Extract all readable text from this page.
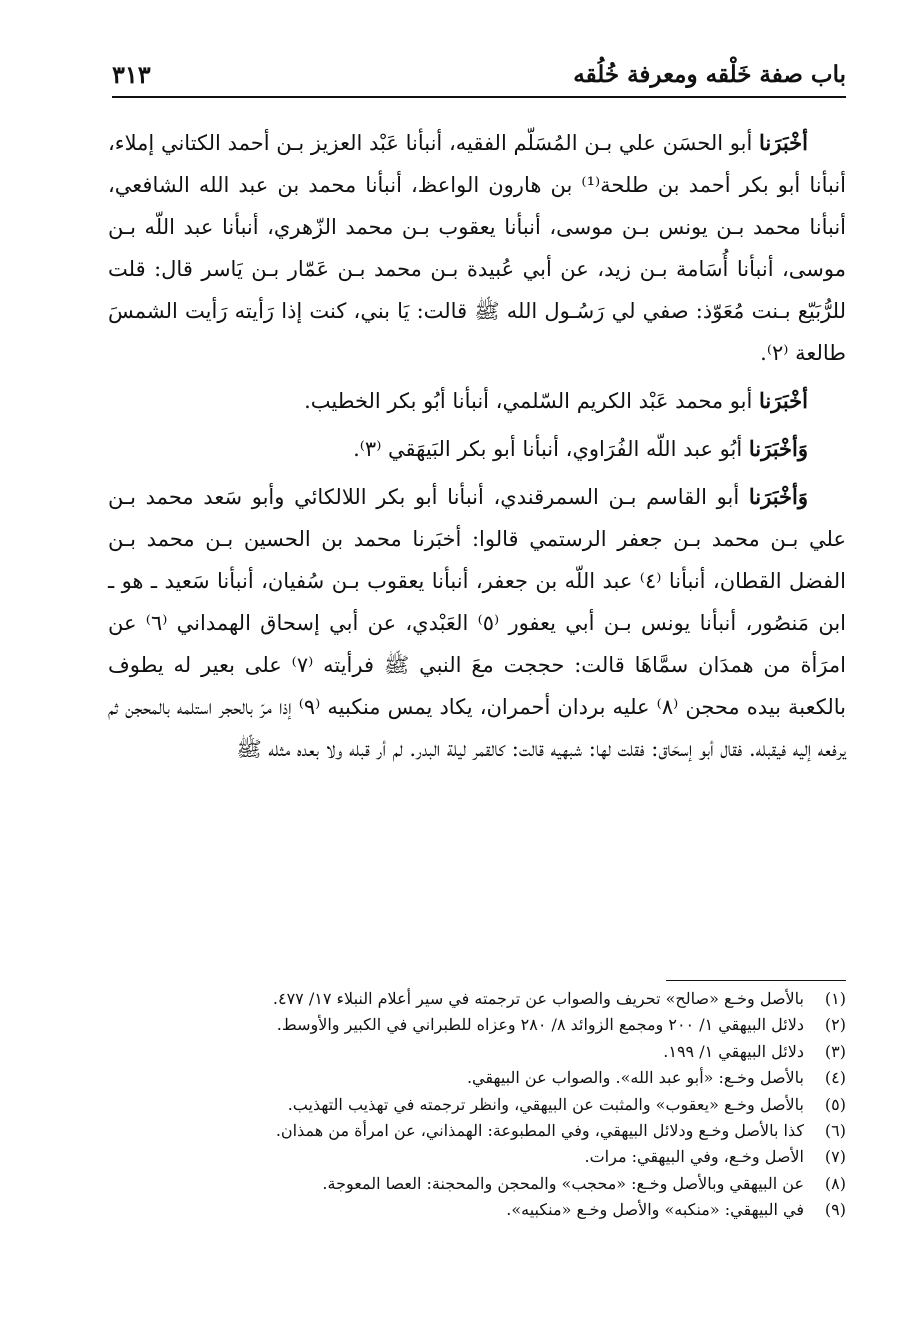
باب صفة خَلْقه ومعرفة خُلُقه
٣١٣

أخْبَرَنا أبو الحسَن علي بـن المُسَلّم الفقيه، أنبأنا عَبْد العزيز بـن أحمد الكتاني إملاء، أنبأنا أبو بكر أحمد بن طلحة⁽¹⁾ بن هارون الواعظ، أنبأنا محمد بن عبد الله الشافعي، أنبأنا محمد بـن يونس بـن موسى، أنبأنا يعقوب بـن محمد الزّهري، أنبأنا عبد اللّه بـن موسى، أنبأنا أُسَامة بـن زيد، عن أبي عُبيدة بـن محمد بـن عَمّار بـن يَاسر قال: قلت للرُّبَيّع بـنت مُعَوّذ: صفي لي رَسُـول الله ﷺ قالت: يَا بني، كنت إذا رَأيته رَأيت الشمسَ طالعة ⁽٢⁾.

أخْبَرَنا أبو محمد عَبْد الكريم السّلمي، أنبأنا أبُو بكر الخطيب.

وَأخْبَرَنا أبُو عبد اللّه الفُرَاوي، أنبأنا أبو بكر البَيهَقي ⁽٣⁾.

وَأخْبَرَنا أبو القاسم بـن السمرقندي، أنبأنا أبو بكر اللالكائي وأبو سَعد محمد بـن علي بـن محمد بـن جعفر الرستمي قالوا: أخبَرنا محمد بن الحسين بـن محمد بـن الفضل القطان، أنبأنا ⁽٤⁾ عبد اللّه بن جعفر، أنبأنا يعقوب بـن سُفيان، أنبأنا سَعيد ـ هو ـ ابن مَنصُور، أنبأنا يونس بـن أبي يعفور ⁽٥⁾ العَبْدي، عن أبي إسحاق الهمداني ⁽٦⁾ عن امرَأة من همدَان سمَّاهَا قالت: حججت معَ النبي ﷺ فرأيته ⁽٧⁾ على بعير له يطوف بالكعبة بيده محجن ⁽٨⁾ عليه بردان أحمران، يكاد يمس منكبيه ⁽٩⁾ إذا مرّ بالحجر استلمه بالمحجن ثم يرفعه إليه فيقبله. فقال أبو إسحَاق: فقلت لها: شبهيه قالت: كالقمر ليلة البدر. لم أر قبله ولا بعده مثله ﷺ

(١)
بالأصل وخـع «صالح» تحريف والصواب عن ترجمته في سير أعلام النبلاء ١٧/ ٤٧٧.
(٢)
دلائل البيهقي ١/ ٢٠٠ ومجمع الزوائد ٨/ ٢٨٠ وعزاه للطبراني في الكبير والأوسط.
(٣)
دلائل البيهقي ١/ ١٩٩.
(٤)
بالأصل وخـع: «أبو عبد الله». والصواب عن البيهقي.
(٥)
بالأصل وخـع «يعقوب» والمثبت عن البيهقي، وانظر ترجمته في تهذيب التهذيب.
(٦)
كذا بالأصل وخـع ودلائل البيهقي، وفي المطبوعة: الهمذاني، عن امرأة من همذان.
(٧)
الأصل وخـع، وفي البيهقي: مرات.
(٨)
عن البيهقي وبالأصل وخـع: «محجب» والمحجن والمحجنة: العصا المعوجة.
(٩)
في البيهقي: «منكبه» والأصل وخـع «منكبيه».
